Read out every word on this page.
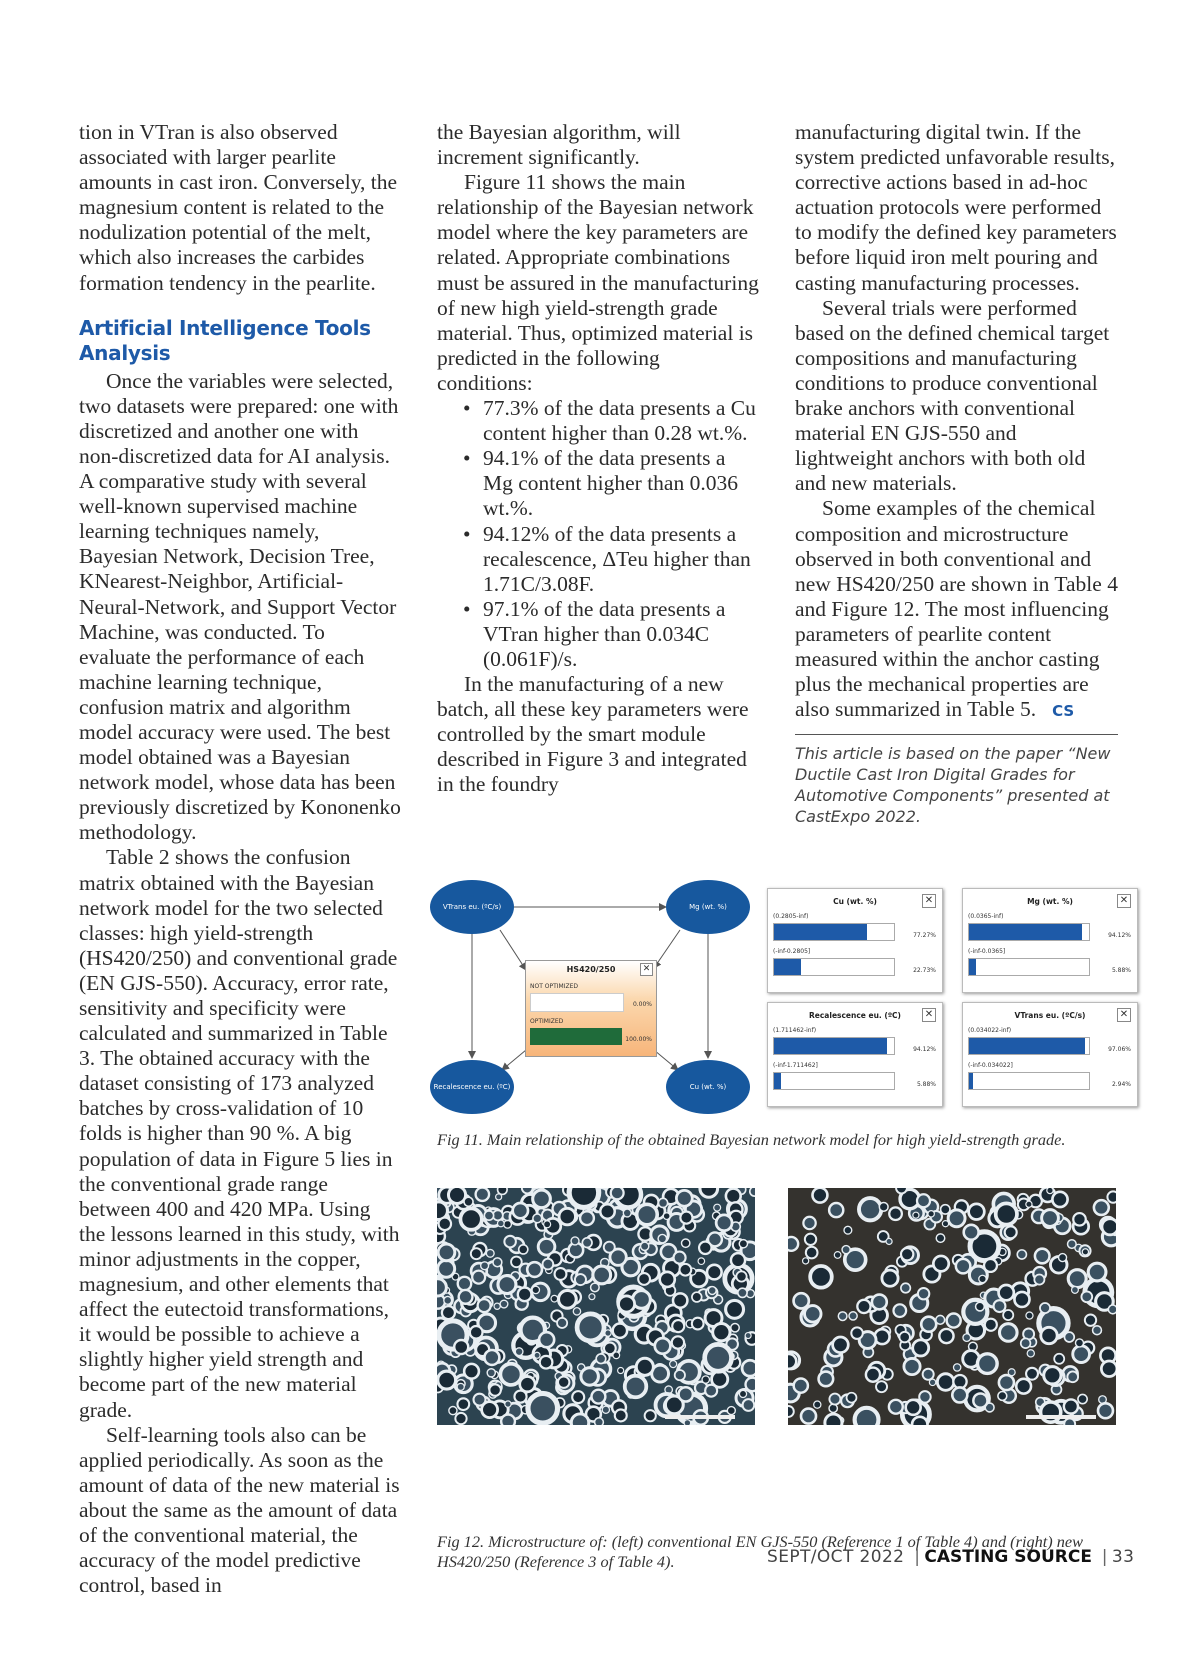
tion in VTran is also observed associated with larger pearlite amounts in cast iron. Conversely, the magnesium content is related to the nodulization potential of the melt, which also increases the carbides formation tendency in the pearlite.

Artificial Intelligence Tools Analysis

Once the variables were selected, two datasets were prepared: one with discretized and another one with non-discretized data for AI analysis. A comparative study with several well-known supervised machine learning techniques namely, Bayesian Network, Decision Tree, KNearest-Neighbor, Artificial-Neural-Network, and Support Vector Machine, was conducted. To evaluate the performance of each machine learning technique, confusion matrix and algorithm model accuracy were used. The best model obtained was a Bayesian network model, whose data has been previously discretized by Kononenko methodology.

Table 2 shows the confusion matrix obtained with the Bayesian network model for the two selected classes: high yield-strength (HS420/250) and conventional grade (EN GJS-550). Accuracy, error rate, sensitivity and specificity were calculated and summarized in Table 3. The obtained accuracy with the dataset consisting of 173 analyzed batches by cross-validation of 10 folds is higher than 90 %. A big population of data in Figure 5 lies in the conventional grade range between 400 and 420 MPa. Using the lessons learned in this study, with minor adjustments in the copper, magnesium, and other elements that affect the eutectoid transformations, it would be possible to achieve a slightly higher yield strength and become part of the new material grade.

Self-learning tools also can be applied periodically. As soon as the amount of data of the new material is about the same as the amount of data of the conventional material, the accuracy of the model predictive control, based in

the Bayesian algorithm, will increment significantly.

Figure 11 shows the main relationship of the Bayesian network model where the key parameters are related. Appropriate combinations must be assured in the manufacturing of new high yield-strength grade material. Thus, optimized material is predicted in the following conditions:

• 77.3% of the data presents a Cu content higher than 0.28 wt.%.
• 94.1% of the data presents a Mg content higher than 0.036 wt.%.
• 94.12% of the data presents a recalescence, ΔTeu higher than 1.71C/3.08F.
• 97.1% of the data presents a VTran higher than 0.034C (0.061F)/s.

In the manufacturing of a new batch, all these key parameters were controlled by the smart module described in Figure 3 and integrated in the foundry

manufacturing digital twin. If the system predicted unfavorable results, corrective actions based in ad-hoc actuation protocols were performed to modify the defined key parameters before liquid iron melt pouring and casting manufacturing processes.

Several trials were performed based on the defined chemical target compositions and manufacturing conditions to produce conventional brake anchors with conventional material EN GJS-550 and lightweight anchors with both old and new materials.

Some examples of the chemical composition and microstructure observed in both conventional and new HS420/250 are shown in Table 4 and Figure 12. The most influencing parameters of pearlite content measured within the anchor casting plus the mechanical properties are also summarized in Table 5. CS

This article is based on the paper “New Ductile Cast Iron Digital Grades for Automotive Components” presented at CastExpo 2022.
VTrans eu. (ºC/s)	Mg (wt. %)
Recalescence eu. (ºC)	Cu (wt. %)
HS420/250	✕
NOT OPTIMIZED
0.00%
OPTIMIZED
100.00%
Cu (wt. %)	✕
(0.2805-inf)
77.27%
(-inf-0.2805]
22.73%
Mg (wt. %)	✕
(0.0365-inf)
94.12%
(-inf-0.0365]
5.88%
Recalescence eu. (ºC)	✕
(1.711462-inf)
94.12%
(-inf-1.711462]
5.88%
VTrans eu. (ºC/s)	✕
(0.034022-inf)
97.06%
(-inf-0.034022]
2.94%
Fig 11. Main relationship of the obtained Bayesian network model for high yield-strength grade.
Fig 12. Microstructure of: (left) conventional EN GJS-550 (Reference 1 of Table 4) and (right) new HS420/250 (Reference 3 of Table 4).	SEPT/OCT 2022 | CASTING SOURCE | 33
